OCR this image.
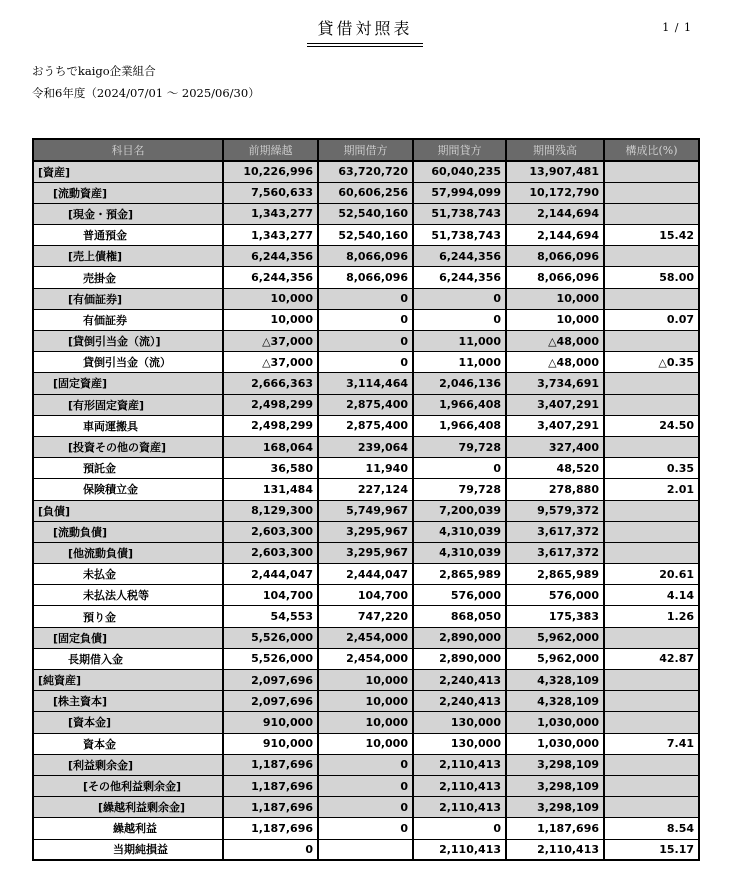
貸借対照表	1 / 1
おうちでkaigo企業組合
令和6年度（2024/07/01 ～ 2025/06/30）
科目名	前期繰越	期間借方	期間貸方	期間残高	構成比(%)
[資産]	10,226,996	63,720,720	60,040,235	13,907,481	
[流動資産]	7,560,633	60,606,256	57,994,099	10,172,790	
[現金・預金]	1,343,277	52,540,160	51,738,743	2,144,694	
普通預金	1,343,277	52,540,160	51,738,743	2,144,694	15.42
[売上債権]	6,244,356	8,066,096	6,244,356	8,066,096	
売掛金	6,244,356	8,066,096	6,244,356	8,066,096	58.00
[有価証券]	10,000	0	0	10,000	
有価証券	10,000	0	0	10,000	0.07
[貸倒引当金（流）]	△37,000	0	11,000	△48,000	
貸倒引当金（流）	△37,000	0	11,000	△48,000	△0.35
[固定資産]	2,666,363	3,114,464	2,046,136	3,734,691	
[有形固定資産]	2,498,299	2,875,400	1,966,408	3,407,291	
車両運搬具	2,498,299	2,875,400	1,966,408	3,407,291	24.50
[投資その他の資産]	168,064	239,064	79,728	327,400	
預託金	36,580	11,940	0	48,520	0.35
保険積立金	131,484	227,124	79,728	278,880	2.01
[負債]	8,129,300	5,749,967	7,200,039	9,579,372	
[流動負債]	2,603,300	3,295,967	4,310,039	3,617,372	
[他流動負債]	2,603,300	3,295,967	4,310,039	3,617,372	
未払金	2,444,047	2,444,047	2,865,989	2,865,989	20.61
未払法人税等	104,700	104,700	576,000	576,000	4.14
預り金	54,553	747,220	868,050	175,383	1.26
[固定負債]	5,526,000	2,454,000	2,890,000	5,962,000	
長期借入金	5,526,000	2,454,000	2,890,000	5,962,000	42.87
[純資産]	2,097,696	10,000	2,240,413	4,328,109	
[株主資本]	2,097,696	10,000	2,240,413	4,328,109	
[資本金]	910,000	10,000	130,000	1,030,000	
資本金	910,000	10,000	130,000	1,030,000	7.41
[利益剰余金]	1,187,696	0	2,110,413	3,298,109	
[その他利益剰余金]	1,187,696	0	2,110,413	3,298,109	
[繰越利益剰余金]	1,187,696	0	2,110,413	3,298,109	
繰越利益	1,187,696	0	0	1,187,696	8.54
当期純損益	0		2,110,413	2,110,413	15.17
